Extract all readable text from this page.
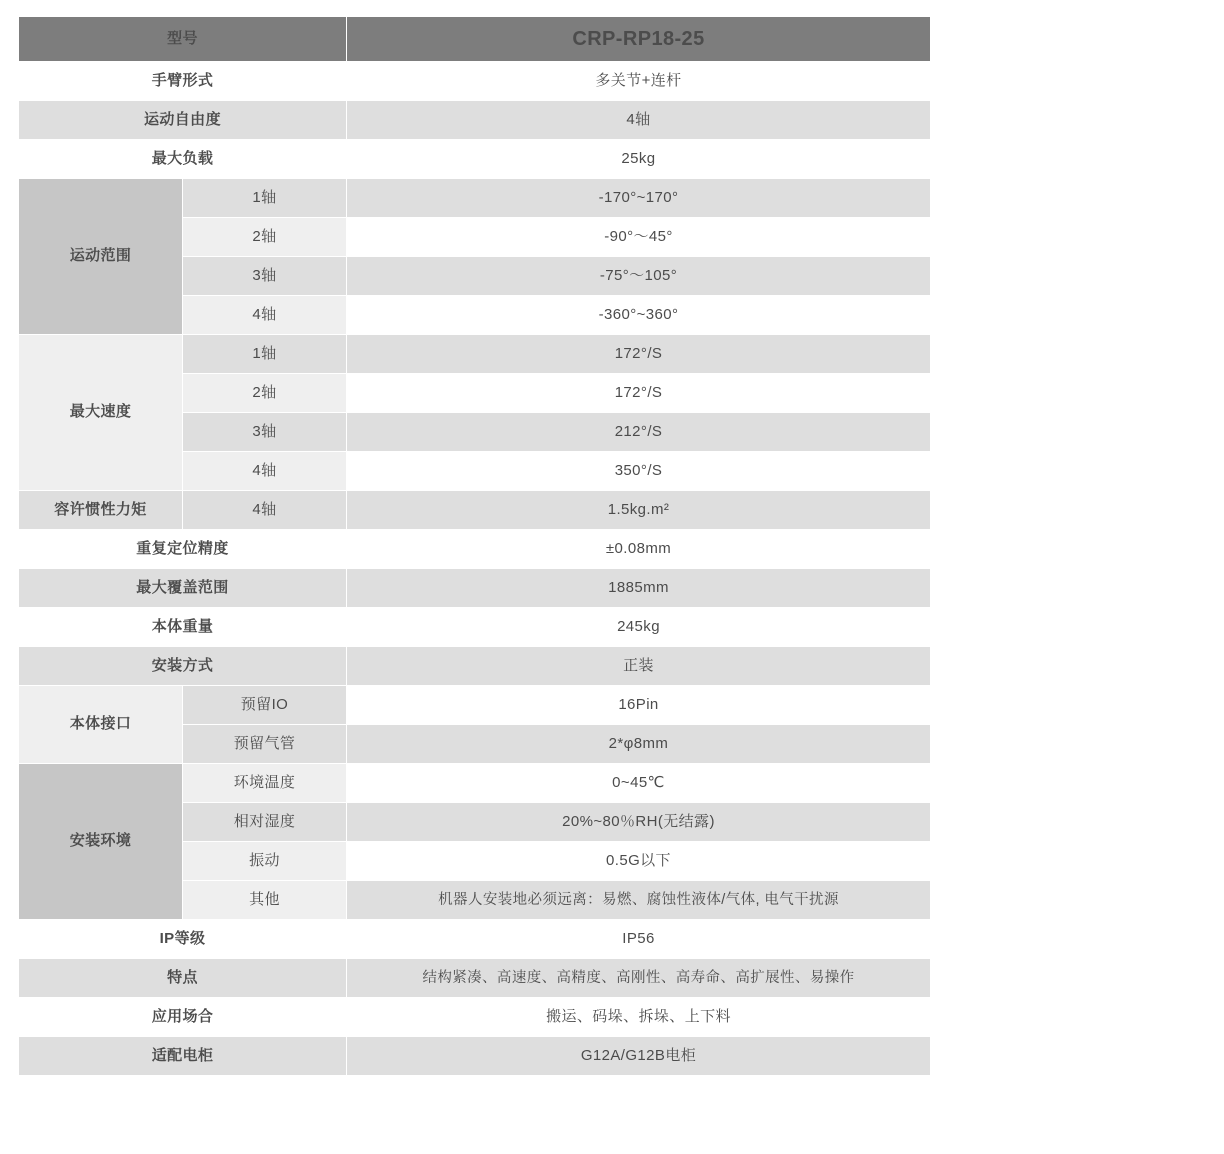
型号		CRP-RP18-25
手臂形式		多关节+连杆
运动自由度		4轴
最大负载		25kg
运动范围	1轴	-170°~170°
	2轴	-90°～45°
	3轴	-75°～105°
	4轴	-360°~360°
最大速度	1轴	172°/S
	2轴	172°/S
	3轴	212°/S
	4轴	350°/S
容许惯性力矩	4轴	1.5kg.m²
重复定位精度		±0.08mm
最大覆盖范围		1885mm
本体重量		245kg
安装方式		正装
本体接口	预留IO	16Pin
	预留气管	2*φ8mm
安装环境	环境温度	0~45℃
	相对湿度	20%~80％RH(无结露)
	振动	0.5G以下
	其他	机器人安装地必须远离：易燃、腐蚀性液体/气体, 电气干扰源
IP等级		IP56
特点		结构紧凑、高速度、高精度、高刚性、高寿命、高扩展性、易操作
应用场合		搬运、码垛、拆垛、上下料
适配电柜		G12A/G12B电柜
